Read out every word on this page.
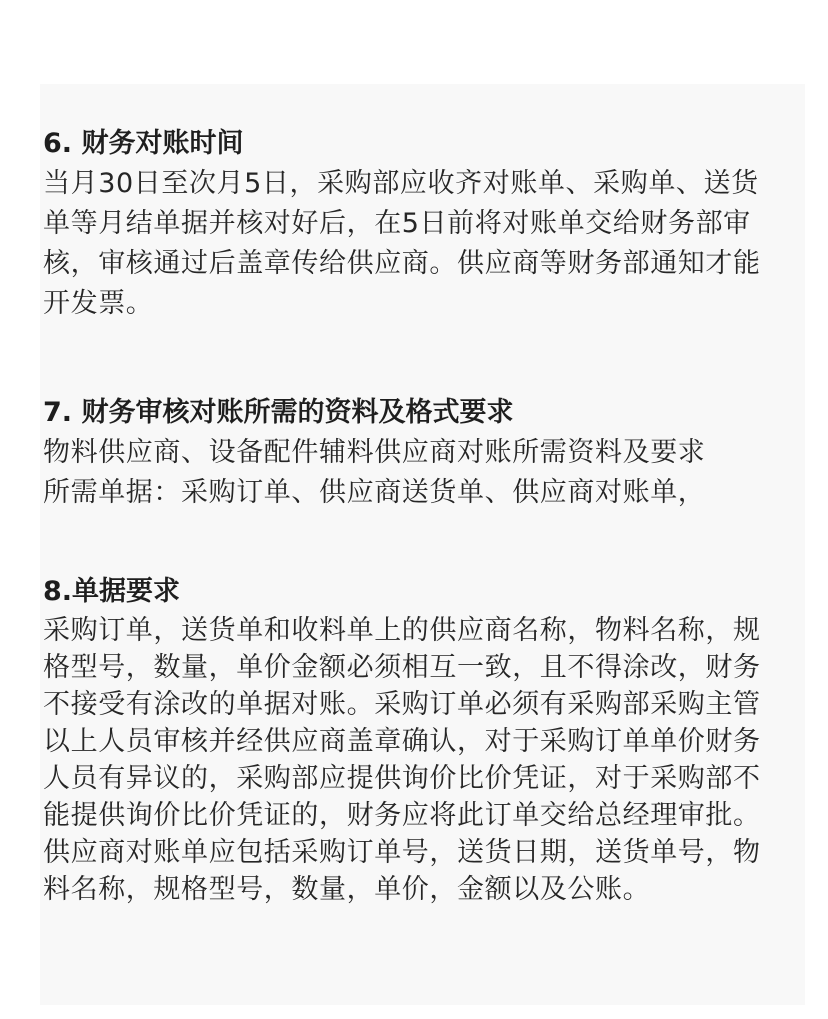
6. 财务对账时间

当月30日至次月5日，采购部应收齐对账单、采购单、送货

单等月结单据并核对好后，在5日前将对账单交给财务部审

核，审核通过后盖章传给供应商。供应商等财务部通知才能

开发票。

7. 财务审核对账所需的资料及格式要求

物料供应商、设备配件辅料供应商对账所需资料及要求

所需单据：采购订单、供应商送货单、供应商对账单，

8.单据要求

采购订单，送货单和收料单上的供应商名称，物料名称，规

格型号，数量，单价金额必须相互一致，且不得涂改，财务

不接受有涂改的单据对账。采购订单必须有采购部采购主管

以上人员审核并经供应商盖章确认，对于采购订单单价财务

人员有异议的，采购部应提供询价比价凭证，对于采购部不

能提供询价比价凭证的，财务应将此订单交给总经理审批。

供应商对账单应包括采购订单号，送货日期，送货单号，物

料名称，规格型号，数量，单价，金额以及公账。
